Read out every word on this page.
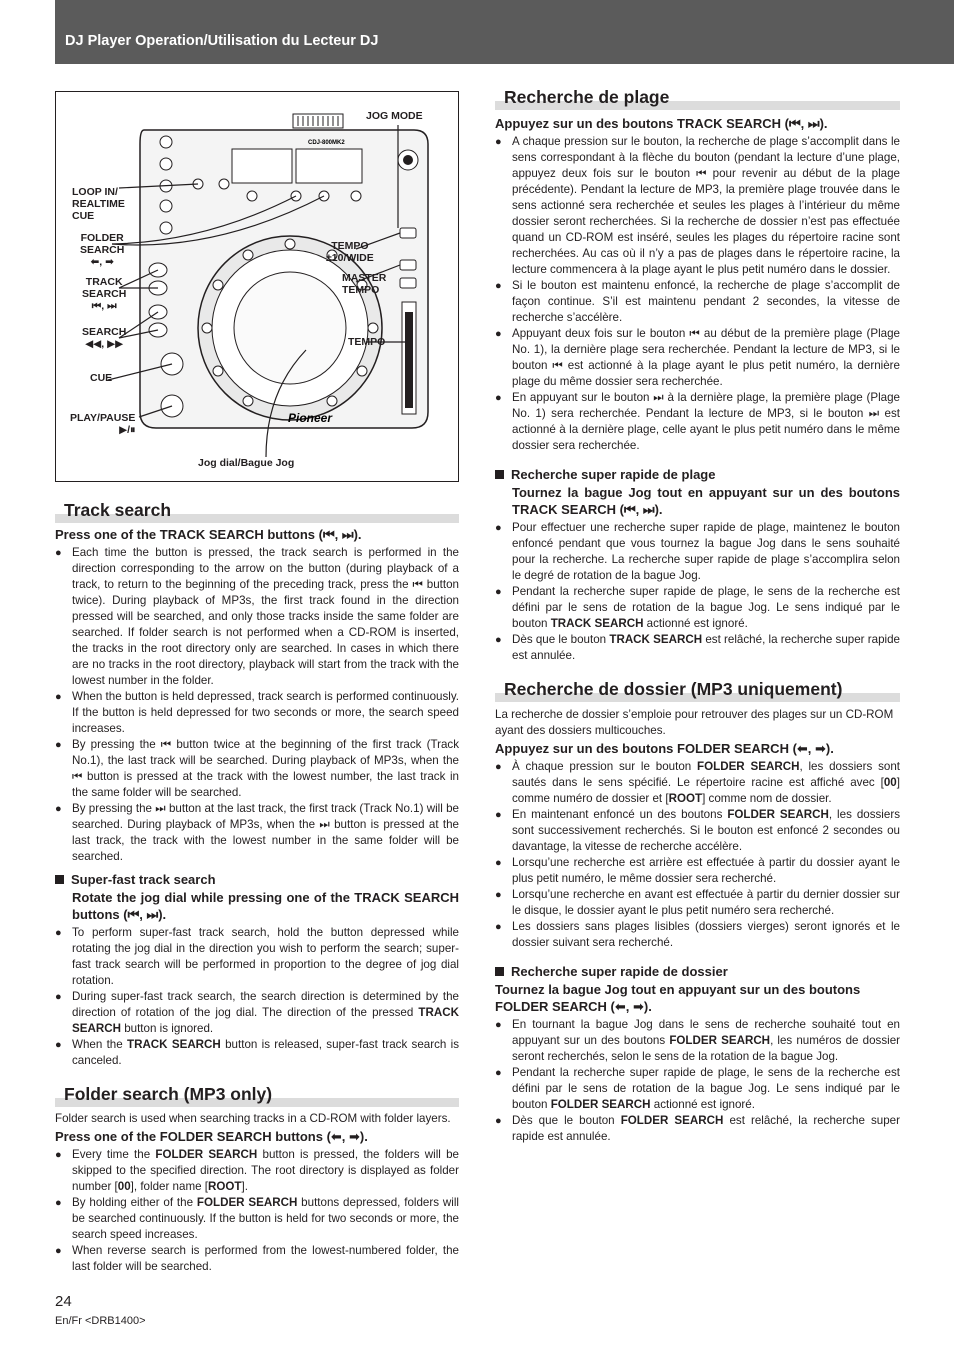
DJ Player Operation/Utilisation du Lecteur DJ
CDJ-800MK2
Pioneer
JOG MODE
LOOP IN/
REALTIME
CUE
FOLDER
SEARCH
⬅, ➡
TRACK
SEARCH
⏮, ⏭
SEARCH
◀◀, ▶▶
CUE
PLAY/PAUSE
▶/⏸
TEMPO
±10/WIDE
MASTER
TEMPO
TEMPO
Jog dial/Bague Jog
Track search
Press one of the TRACK SEARCH buttons (⏮, ⏭).
● Each time the button is pressed, the track search is performed in the direction corresponding to the arrow on the button (during playback of a track, to return to the beginning of the preceding track, press the ⏮ button twice). During playback of MP3s, the first track found in the direction pressed will be searched, and only those tracks inside the same folder are searched. If folder search is not performed when a CD-ROM is inserted, the tracks in the root directory only are searched. In cases in which there are no tracks in the root directory, playback will start from the track with the lowest number in the folder.
● When the button is held depressed, track search is performed continuously. If the button is held depressed for two seconds or more, the search speed increases.
● By pressing the ⏮ button twice at the beginning of the first track (Track No.1), the last track will be searched. During playback of MP3s, when the ⏮ button is pressed at the track with the lowest number, the last track in the same folder will be searched.
● By pressing the ⏭ button at the last track, the first track (Track No.1) will be searched. During playback of MP3s, when the ⏭ button is pressed at the last track, the track with the lowest number in the same folder will be searched.
Super-fast track search
Rotate the jog dial while pressing one of the TRACK SEARCH buttons (⏮, ⏭).
● To perform super-fast track search, hold the button depressed while rotating the jog dial in the direction you wish to perform the search; super-fast track search will be performed in proportion to the degree of jog dial rotation.
● During super-fast track search, the search direction is determined by the direction of rotation of the jog dial. The direction of the pressed TRACK SEARCH button is ignored.
● When the TRACK SEARCH button is released, super-fast track search is canceled.
Folder search (MP3 only)

Folder search is used when searching tracks in a CD-ROM with folder layers.

Press one of the FOLDER SEARCH buttons (⬅, ➡).
● Every time the FOLDER SEARCH button is pressed, the folders will be skipped to the specified direction. The root directory is displayed as folder number [00], folder name [ROOT].
● By holding either of the FOLDER SEARCH buttons depressed, folders will be searched continuously. If the button is held for two seconds or more, the search speed increases.
● When reverse search is performed from the lowest-numbered folder, the last folder will be searched.
Recherche de plage
Appuyez sur un des boutons TRACK SEARCH (⏮, ⏭).
● A chaque pression sur le bouton, la recherche de plage s’accomplit dans le sens correspondant à la flèche du bouton (pendant la lecture d’une plage, appuyez deux fois sur le bouton ⏮ pour revenir au début de la plage précédente). Pendant la lecture de MP3, la première plage trouvée dans le sens actionné sera recherchée et seules les plages à l’intérieur du même dossier seront recherchées. Si la recherche de dossier n’est pas effectuée quand un CD-ROM est inséré, seules les plages du répertoire racine sont recherchées. Au cas où il n’y a pas de plages dans le répertoire racine, la lecture commencera à la plage ayant le plus petit numéro dans le dossier.
● Si le bouton est maintenu enfoncé, la recherche de plage s’accomplit de façon continue. S’il est maintenu pendant 2 secondes, la vitesse de recherche s’accélère.
● Appuyant deux fois sur le bouton ⏮ au début de la première plage (Plage No. 1), la dernière plage sera recherchée. Pendant la lecture de MP3, si le bouton ⏮ est actionné à la plage ayant le plus petit numéro, la dernière plage du même dossier sera recherchée.
● En appuyant sur le bouton ⏭ à la dernière plage, la première plage (Plage No. 1) sera recherchée. Pendant la lecture de MP3, si le bouton ⏭ est actionné à la dernière plage, celle ayant le plus petit numéro dans le même dossier sera recherchée.
Recherche super rapide de plage
Tournez la bague Jog tout en appuyant sur un des boutons TRACK SEARCH (⏮, ⏭).
● Pour effectuer une recherche super rapide de plage, maintenez le bouton enfoncé pendant que vous tournez la bague Jog dans le sens souhaité pour la recherche. La recherche super rapide de plage s’accomplira selon le degré de rotation de la bague Jog.
● Pendant la recherche super rapide de plage, le sens de la recherche est défini par le sens de rotation de la bague Jog. Le sens indiqué par le bouton TRACK SEARCH actionné est ignoré.
● Dès que le bouton TRACK SEARCH est relâché, la recherche super rapide est annulée.
Recherche de dossier (MP3 uniquement)

La recherche de dossier s’emploie pour retrouver des plages sur un CD-ROM ayant des dossiers multicouches.

Appuyez sur un des boutons FOLDER SEARCH (⬅, ➡).
● À chaque pression sur le bouton FOLDER SEARCH, les dossiers sont sautés dans le sens spécifié. Le répertoire racine est affiché avec [00] comme numéro de dossier et [ROOT] comme nom de dossier.
● En maintenant enfoncé un des boutons FOLDER SEARCH, les dossiers sont successivement recherchés. Si le bouton est enfoncé 2 secondes ou davantage, la vitesse de recherche accélère.
● Lorsqu’une recherche est arrière est effectuée à partir du dossier ayant le plus petit numéro, le même dossier sera recherché.
● Lorsqu’une recherche en avant est effectuée à partir du dernier dossier sur le disque, le dossier ayant le plus petit numéro sera recherché.
● Les dossiers sans plages lisibles (dossiers vierges) seront ignorés et le dossier suivant sera recherché.
Recherche super rapide de dossier
Tournez la bague Jog tout en appuyant sur un des boutons FOLDER SEARCH (⬅, ➡).
● En tournant la bague Jog dans le sens de recherche souhaité tout en appuyant sur un des boutons FOLDER SEARCH, les numéros de dossier seront recherchés, selon le sens de la rotation de la bague Jog.
● Pendant la recherche super rapide de plage, le sens de la recherche est défini par le sens de rotation de la bague Jog. Le sens indiqué par le bouton FOLDER SEARCH actionné est ignoré.
● Dès que le bouton FOLDER SEARCH est relâché, la recherche super rapide est annulée.
24
En/Fr <DRB1400>
